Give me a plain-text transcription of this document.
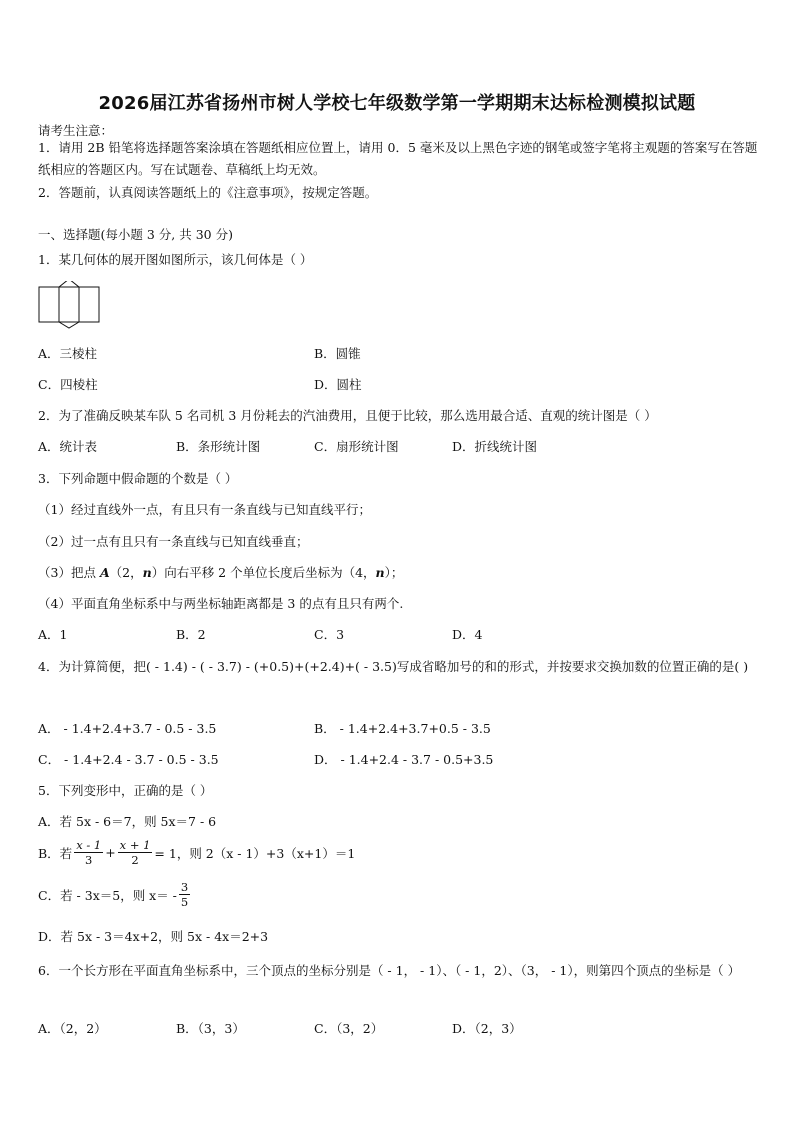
2026届江苏省扬州市树人学校七年级数学第一学期期末达标检测模拟试题
请考生注意：
1．请用 2B 铅笔将选择题答案涂填在答题纸相应位置上，请用 0．5 毫米及以上黑色字迹的钢笔或签字笔将主观题的答案写在答题纸相应的答题区内。写在试题卷、草稿纸上均无效。
2．答题前，认真阅读答题纸上的《注意事项》，按规定答题。
一、选择题(每小题 3 分, 共 30 分)
1．某几何体的展开图如图所示，该几何体是（ ）
A．三棱柱	B．圆锥
C．四棱柱	D．圆柱
2．为了准确反映某车队 5 名司机 3 月份耗去的汽油费用，且便于比较，那么选用最合适、直观的统计图是（ ）
A．统计表	B．条形统计图	C．扇形统计图	D．折线统计图
3．下列命题中假命题的个数是（ ）
（1）经过直线外一点，有且只有一条直线与已知直线平行；
（2）过一点有且只有一条直线与已知直线垂直；
（3）把点 A（2，n）向右平移 2 个单位长度后坐标为（4，n）；
（4）平面直角坐标系中与两坐标轴距离都是 3 的点有且只有两个.
A．1	B．2	C．3	D．4
4．为计算简便，把( - 1.4) - ( - 3.7) - (+0.5)+(+2.4)+( - 3.5)写成省略加号的和的形式，并按要求交换加数的位置正确的是( )
A． - 1.4+2.4+3.7 - 0.5 - 3.5	B． - 1.4+2.4+3.7+0.5 - 3.5
C． - 1.4+2.4 - 3.7 - 0.5 - 3.5	D． - 1.4+2.4 - 3.7 - 0.5+3.5
5．下列变形中，正确的是（ ）
A．若 5x - 6＝7，则 5x＝7 - 6
B．若 $\frac{x - 1}{3} + \frac{x + 1}{2} = 1$，则 2（x - 1）+3（x+1）＝1
C．若 - 3x＝5，则 $x= - \frac{3}{5}$
D．若 5x - 3＝4x+2，则 5x - 4x＝2+3
6．一个长方形在平面直角坐标系中，三个顶点的坐标分别是（ - 1， - 1）、（ - 1，2）、（3， - 1），则第四个顶点的坐标是（ ）
A．（2，2）	B．（3，3）	C．（3，2）	D．（2，3）
